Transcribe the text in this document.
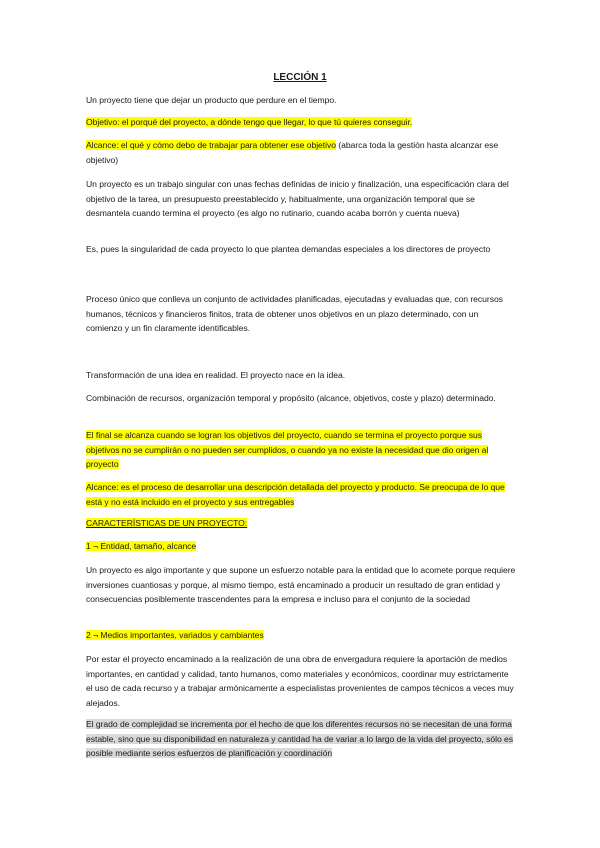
LECCIÓN 1

Un proyecto tiene que dejar un producto que perdure en el tiempo.

Objetivo: el porqué del proyecto, a dónde tengo que llegar, lo que tú quieres conseguir.

Alcance: el qué y cómo debo de trabajar para obtener ese objetivo (abarca toda la gestión hasta alcanzar ese objetivo)

Un proyecto es un trabajo singular con unas fechas definidas de inicio y finalización, una especificación clara del objetivo de la tarea, un presupuesto preestablecido y, habitualmente, una organización temporal que se desmantela cuando termina el proyecto (es algo no rutinario, cuando acaba borrón y cuenta nueva)

Es, pues la singularidad de cada proyecto lo que plantea demandas especiales a los directores de proyecto

Proceso único que conlleva un conjunto de actividades planificadas, ejecutadas y evaluadas que, con recursos humanos, técnicos y financieros finitos, trata de obtener unos objetivos en un plazo determinado, con un comienzo y un fin claramente identificables.

Transformación de una idea en realidad. El proyecto nace en la idea.

Combinación de recursos, organización temporal y propósito (alcance, objetivos, coste y plazo) determinado.

El final se alcanza cuando se logran los objetivos del proyecto, cuando se termina el proyecto porque sus objetivos no se cumplirán o no pueden ser cumplidos, o cuando ya no existe la necesidad que dio origen al proyecto

Alcance: es el proceso de desarrollar una descripción detallada del proyecto y producto. Se preocupa de lo que está y no está incluido en el proyecto y sus entregables

CARACTERÍSTICAS DE UN PROYECTO:

1 ¬ Entidad, tamaño, alcance

Un proyecto es algo importante y que supone un esfuerzo notable para la entidad que lo acomete porque requiere inversiones cuantiosas y porque, al mismo tiempo, está encaminado a producir un resultado de gran entidad y consecuencias posiblemente trascendentes para la empresa e incluso para el conjunto de la sociedad

2 ¬ Medios importantes, variados y cambiantes

Por estar el proyecto encaminado a la realización de una obra de envergadura requiere la aportación de medios importantes, en cantidad y calidad, tanto humanos, como materiales y económicos, coordinar muy estrictamente el uso de cada recurso y a trabajar armónicamente a especialistas provenientes de campos técnicos a veces muy alejados.

El grado de complejidad se incrementa por el hecho de que los diferentes recursos no se necesitan de una forma estable, sino que su disponibilidad en naturaleza y cantidad ha de variar a lo largo de la vida del proyecto, sólo es posible mediante serios esfuerzos de planificación y coordinación
